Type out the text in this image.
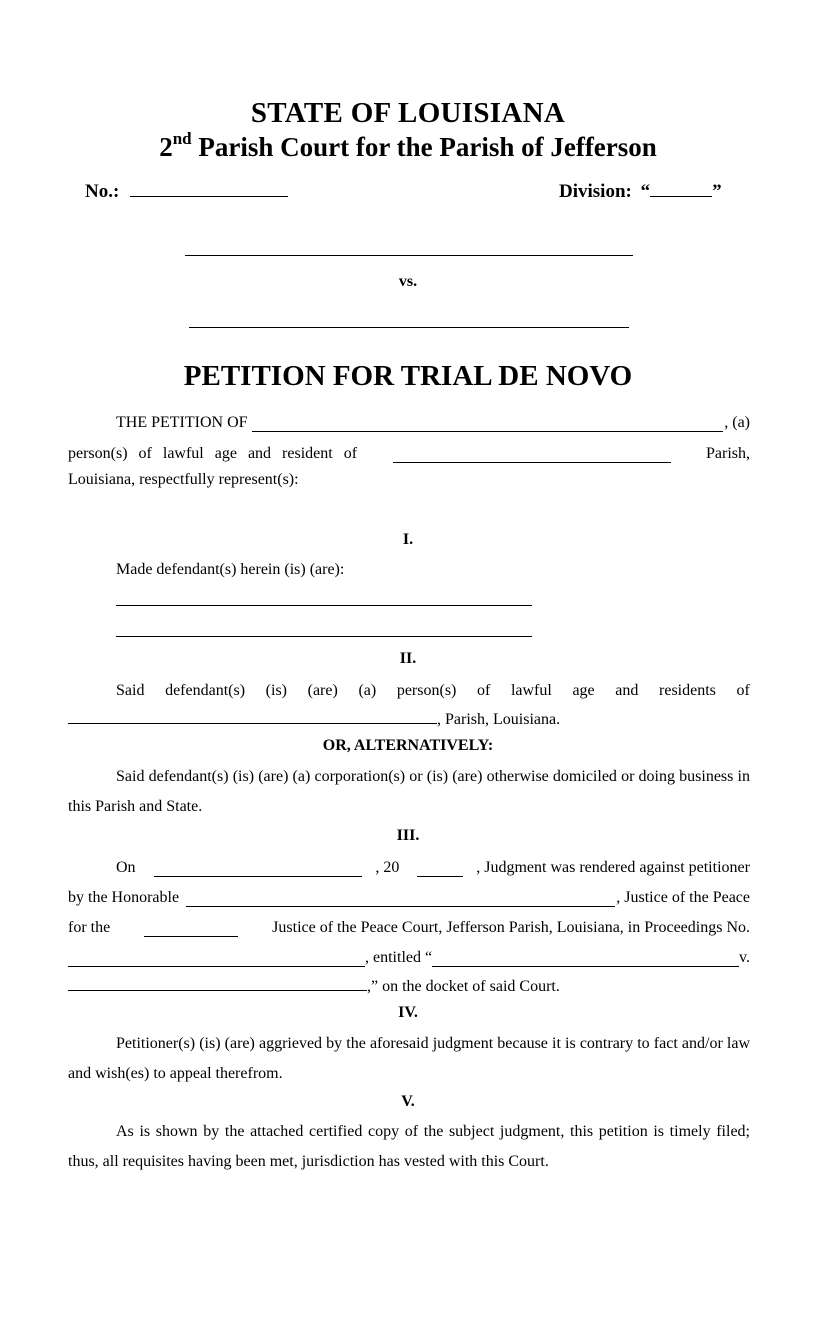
STATE OF LOUISIANA
2nd Parish Court for the Parish of Jefferson
No.:	Division: “	”
vs.
PETITION FOR TRIAL DE NOVO
THE PETITION OF	, (a)
person(s) of lawful age and resident of	Parish,
Louisiana, respectfully represent(s):
I.
Made defendant(s) herein (is) (are):
II.
Said defendant(s) (is) (are) (a) person(s) of lawful age and residents of
, Parish, Louisiana.
OR, ALTERNATIVELY:
Said defendant(s) (is) (are) (a) corporation(s) or (is) (are) otherwise domiciled or doing business in this Parish and State.
III.
On	, 20	, Judgment was rendered against petitioner
by the Honorable	, Justice of the Peace
for the	Justice of the Peace Court, Jefferson Parish, Louisiana, in Proceedings No.
, entitled “	v.
,” on the docket of said Court.
IV.
Petitioner(s) (is) (are) aggrieved by the aforesaid judgment because it is contrary to fact and/or law and wish(es) to appeal therefrom.
V.
As is shown by the attached certified copy of the subject judgment, this petition is timely filed; thus, all requisites having been met, jurisdiction has vested with this Court.
